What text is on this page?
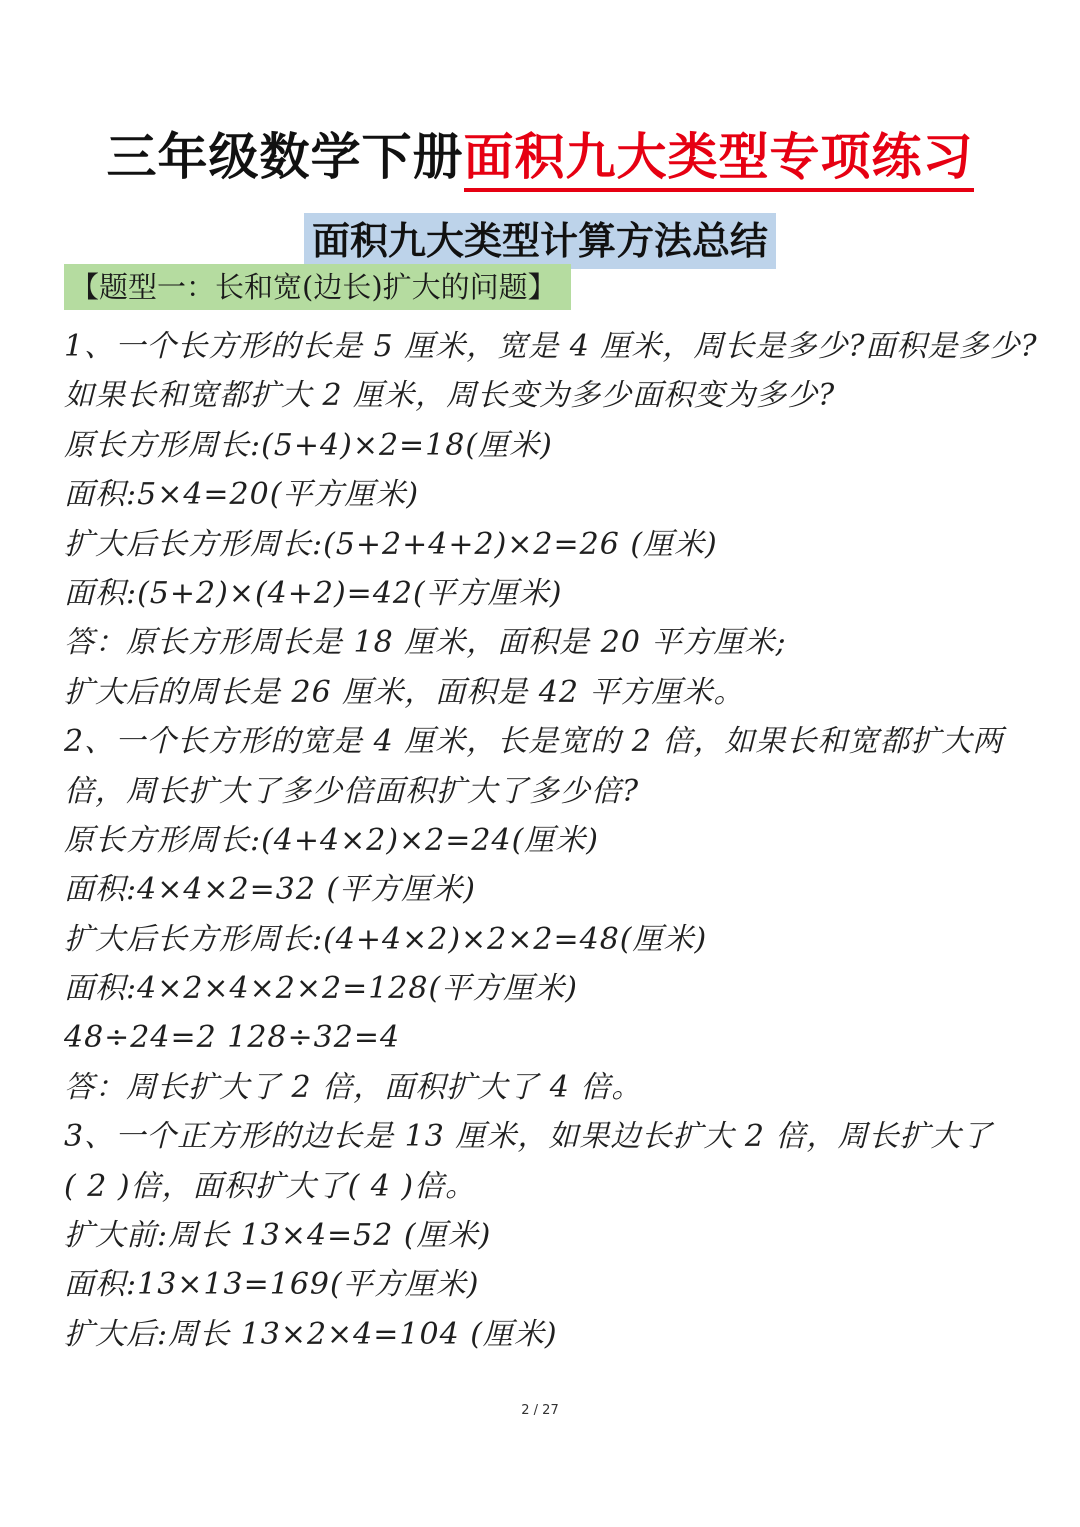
三年级数学下册面积九大类型专项练习
面积九大类型计算方法总结
【题型一：长和宽(边长)扩大的问题】
1、一个长方形的长是 5 厘米，宽是 4 厘米，周长是多少?面积是多少?
如果长和宽都扩大 2 厘米，周长变为多少面积变为多少?
原长方形周长:(5+4)×2=18(厘米)
面积:5×4=20(平方厘米)
扩大后长方形周长:(5+2+4+2)×2=26 (厘米)
面积:(5+2)×(4+2)=42(平方厘米)
答：原长方形周长是 18 厘米，面积是 20 平方厘米;
扩大后的周长是 26 厘米，面积是 42 平方厘米。
2、一个长方形的宽是 4 厘米，长是宽的 2 倍，如果长和宽都扩大两
倍，周长扩大了多少倍面积扩大了多少倍?
原长方形周长:(4+4×2)×2=24(厘米)
面积:4×4×2=32 (平方厘米)
扩大后长方形周长:(4+4×2)×2×2=48(厘米)
面积:4×2×4×2×2=128(平方厘米)
48÷24=2 128÷32=4
答：周长扩大了 2 倍，面积扩大了 4 倍。
3、一个正方形的边长是 13 厘米，如果边长扩大 2 倍，周长扩大了
( 2 )倍，面积扩大了( 4 )倍。
扩大前:周长 13×4=52 (厘米)
面积:13×13=169(平方厘米)
扩大后:周长 13×2×4=104 (厘米)
2 / 27
